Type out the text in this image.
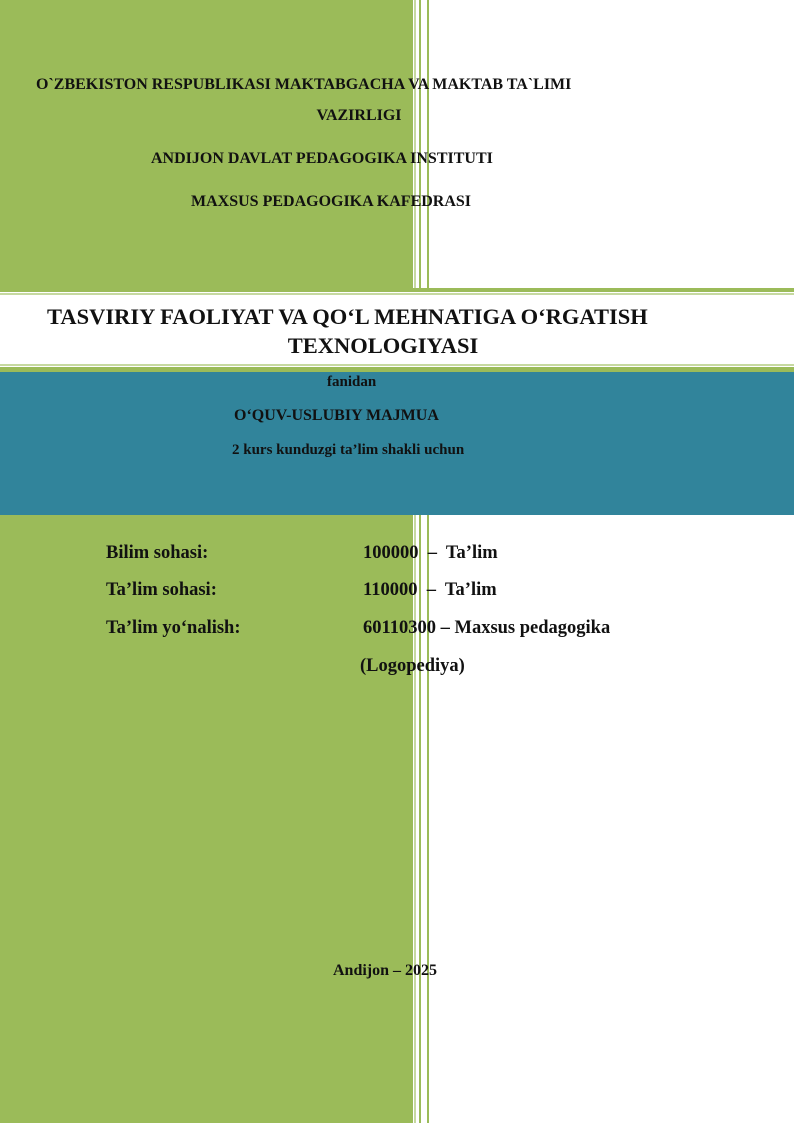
O`ZBEKISTON RESPUBLIKASI MAKTABGACHA VA MAKTAB TA`LIMI
VAZIRLIGI
ANDIJON DAVLAT PEDAGOGIKA INSTITUTI
MAXSUS PEDAGOGIKA KAFEDRASI
TASVIRIY FAOLIYAT VA QO‘L MEHNATIGA O‘RGATISH
TEXNOLOGIYASI
fanidan
O‘QUV-USLUBIY MAJMUA
2 kurs kunduzgi ta’lim shakli uchun
Bilim sohasi:	100000  –  Ta’lim
Ta’lim sohasi:	110000  –  Ta’lim
Ta’lim yo‘nalish:	60110300 – Maxsus pedagogika
(Logopediya)
Andijon – 2025
